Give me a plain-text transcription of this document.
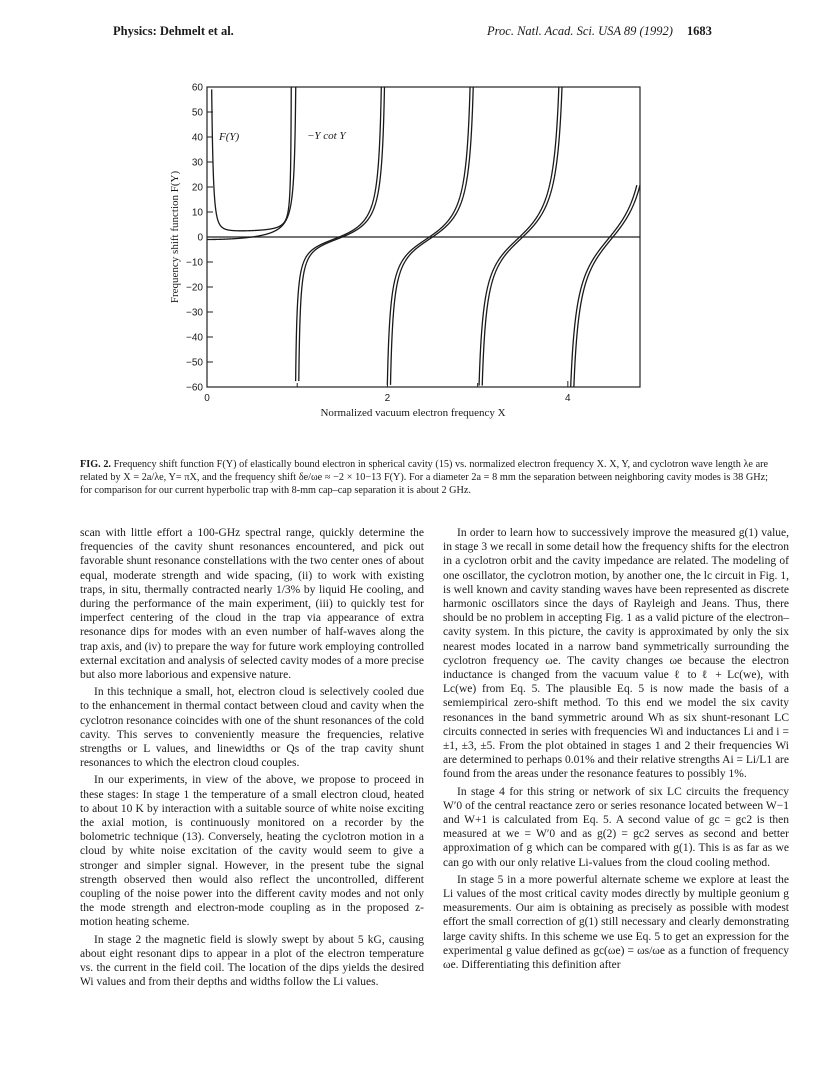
Physics: Dehmelt et al.	Proc. Natl. Acad. Sci. USA 89 (1992) 1683
60
50
40
30
20
10
0
−10
−20
−30
−40
−50
−60
0	2	4
Frequency shift function F(Y)
Normalized vacuum electron frequency X
F(Y)	−Y cot Y
FIG. 2. Frequency shift function F(Y) of elastically bound electron in spherical cavity (15) vs. normalized electron frequency X. X, Y, and cyclotron wave length λe are related by X = 2a/λe, Y= πX, and the frequency shift δe/ωe ≈ −2 × 10−13 F(Y). For a diameter 2a = 8 mm the separation between neighboring cavity modes is 38 GHz; for comparison for our current hyperbolic trap with 8-mm cap–cap separation it is about 2 GHz.

scan with little effort a 100-GHz spectral range, quickly determine the frequencies of the cavity shunt resonances encountered, and pick out favorable shunt resonance constellations with the two center ones of about equal, moderate strength and wide spacing, (ii) to work with existing traps, in situ, thermally contracted nearly 1/3% by liquid He cooling, and during the performance of the main experiment, (iii) to quickly test for imperfect centering of the cloud in the trap via appearance of extra resonance dips for modes with an even number of half-waves along the trap axis, and (iv) to prepare the way for future work employing controlled external excitation and analysis of selected cavity modes of a more precise but also more laborious and expensive nature.

In this technique a small, hot, electron cloud is selectively cooled due to the enhancement in thermal contact between cloud and cavity when the cyclotron resonance coincides with one of the shunt resonances of the cold cavity. This serves to conveniently measure the frequencies, relative strengths or L values, and linewidths or Qs of the trap cavity shunt resonances to which the electron cloud couples.

In our experiments, in view of the above, we propose to proceed in these stages: In stage 1 the temperature of a small electron cloud, heated to about 10 K by interaction with a suitable source of white noise exciting the axial motion, is continuously monitored on a recorder by the bolometric technique (13). Conversely, heating the cyclotron motion in a cloud by white noise excitation of the cavity would seem to give a stronger and simpler signal. However, in the present tube the signal strength observed then would also reflect the uncontrolled, different coupling of the noise power into the different cavity modes and not only the mode strength and electron-mode coupling as in the proposed z-motion heating scheme.

In stage 2 the magnetic field is slowly swept by about 5 kG, causing about eight resonant dips to appear in a plot of the electron temperature vs. the current in the field coil. The location of the dips yields the desired Wi values and from their depths and widths follow the Li values.

In order to learn how to successively improve the measured g(1) value, in stage 3 we recall in some detail how the frequency shifts for the electron in a cyclotron orbit and the cavity impedance are related. The modeling of one oscillator, the cyclotron motion, by another one, the lc circuit in Fig. 1, is well known and cavity standing waves have been represented as discrete harmonic oscillators since the days of Rayleigh and Jeans. Thus, there should be no problem in accepting Fig. 1 as a valid picture of the electron–cavity system. In this picture, the cavity is approximated by only the six nearest modes located in a narrow band symmetrically surrounding the cyclotron frequency ωe. The cavity changes ωe because the electron inductance is changed from the vacuum value ℓ to ℓ + Lc(we), with Lc(we) from Eq. 5. The plausible Eq. 5 is now made the basis of a semiempirical zero-shift method. To this end we model the six cavity resonances in the band symmetric around Wh as six shunt-resonant LC circuits connected in series with frequencies Wi and inductances Li and i = ±1, ±3, ±5. From the plot obtained in stages 1 and 2 their frequencies Wi are determined to perhaps 0.01% and their relative strengths Ai = Li/L1 are found from the areas under the resonance features to possibly 1%.

In stage 4 for this string or network of six LC circuits the frequency W′0 of the central reactance zero or series resonance located between W−1 and W+1 is calculated from Eq. 5. A second value of gc = gc2 is then measured at we = W′0 and as g(2) = gc2 serves as second and better approximation of g which can be compared with g(1). This is as far as we can go with our only relative Li-values from the cloud cooling method.

In stage 5 in a more powerful alternate scheme we explore at least the Li values of the most critical cavity modes directly by multiple geonium g measurements. Our aim is obtaining as precisely as possible with modest effort the small correction of g(1) still necessary and clearly demonstrating large cavity shifts. In this scheme we use Eq. 5 to get an expression for the experimental g value defined as gc(ωe) = ωs/ωe as a function of frequency ωe. Differentiating this definition after
